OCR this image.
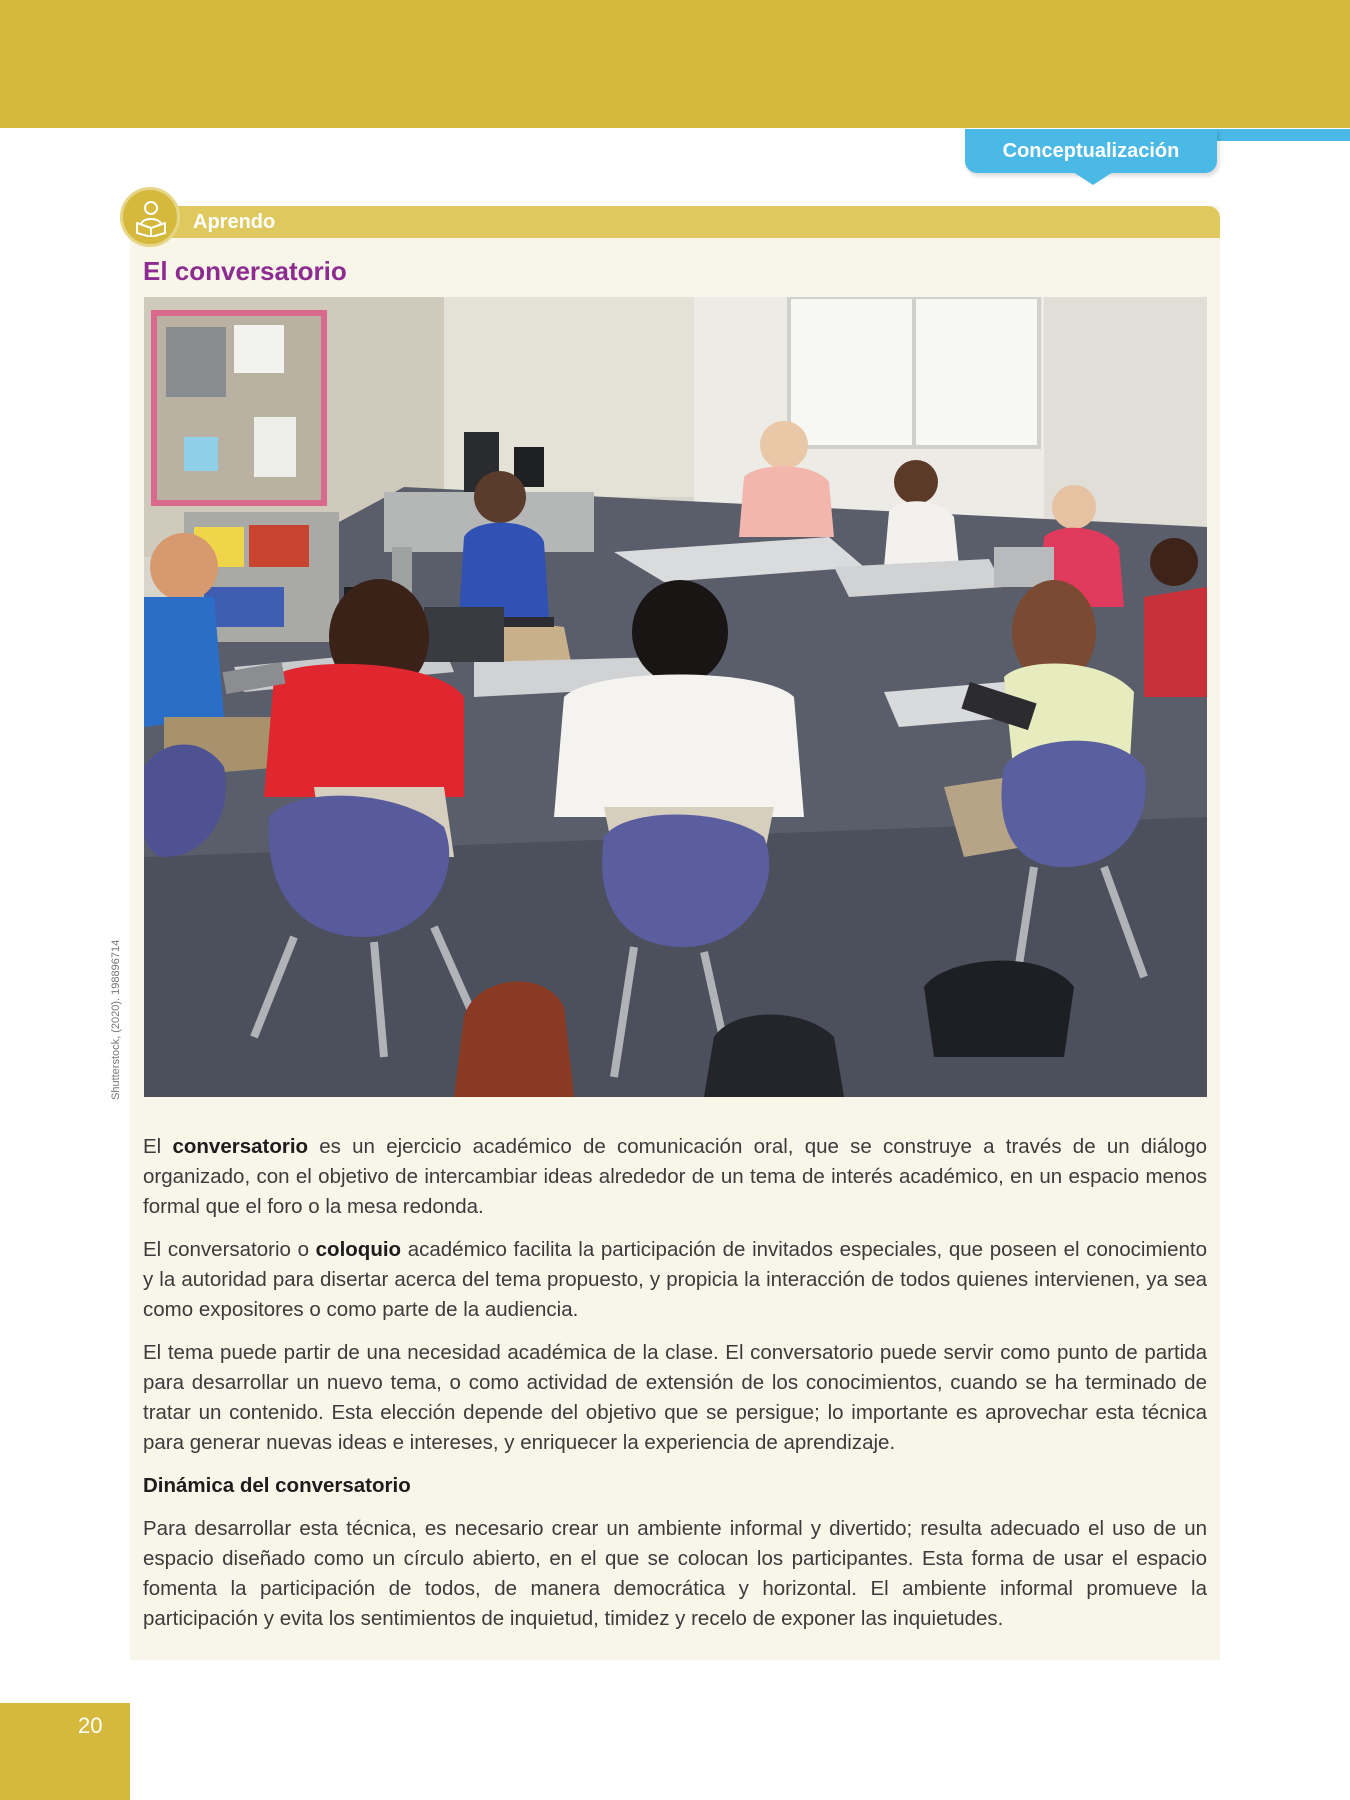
Conceptualización
Aprendo
El conversatorio
Shutterstock, (2020). 198896714

El conversatorio es un ejercicio académico de comunicación oral, que se construye a través de un diálogo organizado, con el objetivo de intercambiar ideas alrededor de un tema de interés académico, en un espacio menos formal que el foro o la mesa redonda.

El conversatorio o coloquio académico facilita la participación de invitados especiales, que poseen el conocimiento y la autoridad para disertar acerca del tema propuesto, y propicia la interacción de todos quienes intervienen, ya sea como expositores o como parte de la audiencia.

El tema puede partir de una necesidad académica de la clase. El conversatorio puede servir como punto de partida para desarrollar un nuevo tema, o como actividad de extensión de los conocimientos, cuando se ha terminado de tratar un contenido. Esta elección depende del objetivo que se persigue; lo importante es aprovechar esta técnica para generar nuevas ideas e intereses, y enriquecer la experiencia de aprendizaje.

Dinámica del conversatorio

Para desarrollar esta técnica, es necesario crear un ambiente informal y divertido; resulta adecuado el uso de un espacio diseñado como un círculo abierto, en el que se colocan los participantes. Esta forma de usar el espacio fomenta la participación de todos, de manera democrática y horizontal. El ambiente informal promueve la participación y evita los sentimientos de inquietud, timidez y recelo de exponer las inquietudes.

20
